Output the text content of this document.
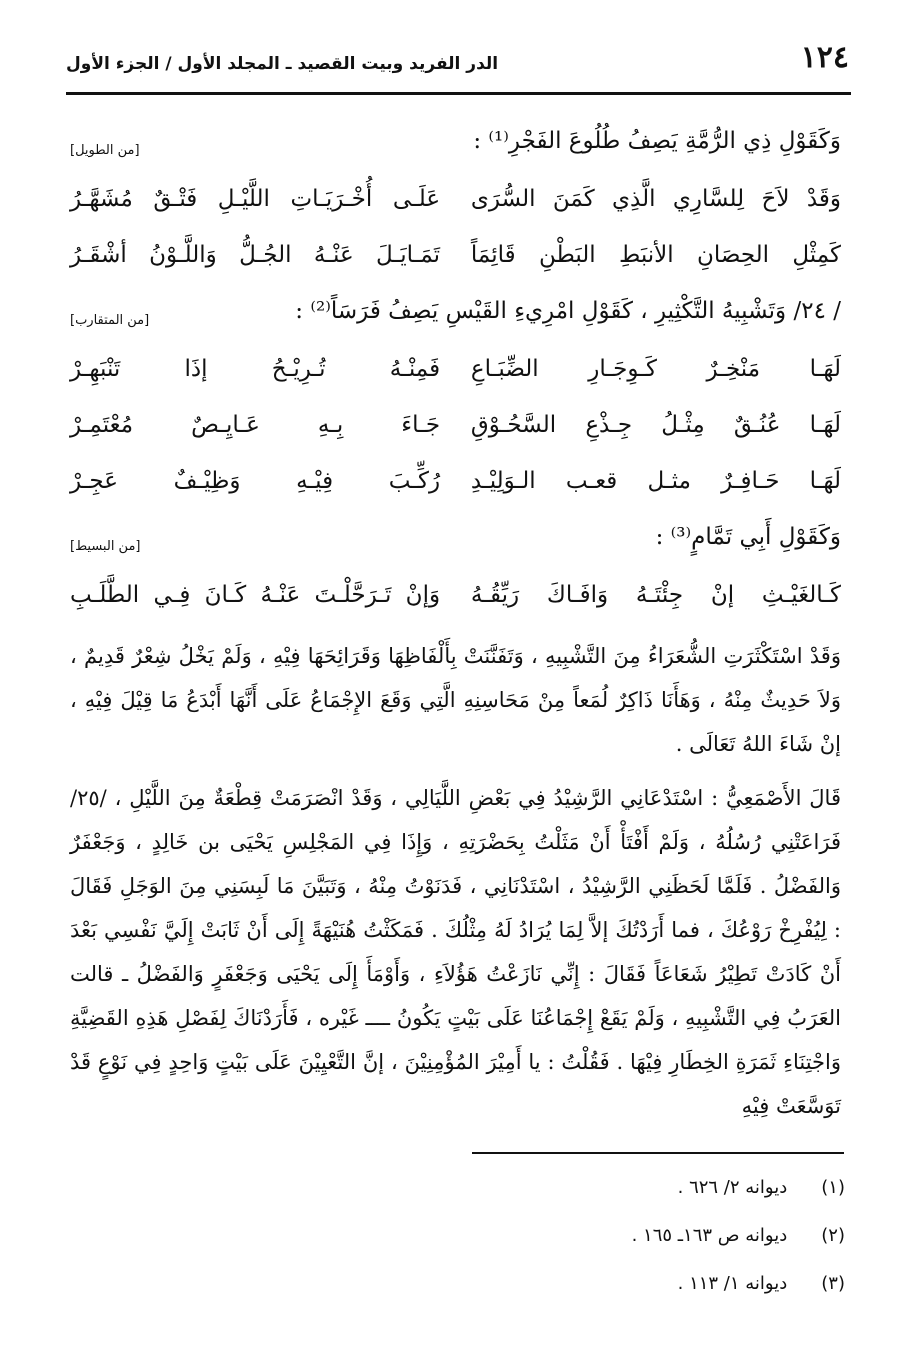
١٢٤
الدر الفريد وبيت القصيد ـ المجلد الأول / الجزء الأول
وَكَقَوْلِ ذِي الرُّمَّةِ يَصِفُ طُلُوعَ الفَجْرِ⁽¹⁾ :
[من الطويل]
وَقَدْ لاَحَ لِلسَّارِي الَّذِي كَمَنَ السُّرَى
عَلَـى أُخْـرَيَـاتِ اللَّيْـلِ فَتْـقٌ مُشَهَّـرُ
كَمِثْلِ الحِصَانِ الأنبَطِ البَطْنِ قَائِمَاً
تَمَـايَـلَ عَنْـهُ الجُـلُّ وَاللَّـوْنُ أشْقَـرُ
/ ٢٤/ وَتَشْبِيهُ التَّكْثِيرِ ، كَقَوْلِ امْرِيءِ القَيْسِ يَصِفُ فَرَسَاً⁽²⁾ :
[من المتقارب]
لَهَـا مَنْخِـرٌ كَـوِجَـارِ الضِّبَـاعِ
فَمِنْـهُ تُـرِيْـحُ إذَا تَنْبَهِـرْ
لَهَـا عُنُـقٌ مِثْـلُ جِـذْعِ السَّحُـوْقِ
جَـاءَ بِـهِ عَـايِـصٌ مُعْتَمِـرْ
لَهَـا حَـافِـرٌ مثـل قعـب الـوَلِيْـدِ
رُكِّـبَ فِيْـهِ وَظِيْـفٌ عَجِـرْ
وَكَقَوْلِ أَبِي تَمَّامٍ⁽³⁾ :
[من البسيط]
كَـالغَيْـثِ إنْ جِئْتَـهُ وَافَـاكَ رَيِّقُـهُ
وَإنْ تَـرَحَّلْـتَ عَنْـهُ كَـانَ فِـي الطَّلَـبِ

وَقَدْ اسْتَكْثَرَتِ الشُّعَرَاءُ مِنَ التَّشْبِيهِ ، وَتَفَنَّنَتْ بِأَلْفَاظِهَا وَقَرَائِحَهَا فِيْهِ ، وَلَمْ يَخْلُ شِعْرٌ قَدِيمٌ ، وَلاَ حَدِيثٌ مِنْهُ ، وَهَأَنَا ذَاكِرٌ لُمَعاً مِنْ مَحَاسِنِهِ الَّتِي وَقَعَ الإِجْمَاعُ عَلَى أَنَّهَا أَبْدَعُ مَا قِيْلَ فِيْهِ ، إنْ شَاءَ اللهُ تَعَالَى .

قَالَ الأَصْمَعِيُّ : اسْتَدْعَانِي الرَّشِيْدُ فِي بَعْضِ اللَّيَالِي ، وَقَدْ انْصَرَمَتْ قِطْعَةٌ مِنَ اللَّيْلِ ، /٢٥/ فَرَاعَتْنِي رُسُلُهُ ، وَلَمْ أَفْتَأْ أَنْ مَثَلْتُ بِحَضْرَتِهِ ، وَإِذَا فِي المَجْلِسِ يَحْيَى بن خَالِدٍ ، وَجَعْفَرٌ وَالفَضْلُ . فَلَمَّا لَحَظَنِي الرَّشِيْدُ ، اسْتَدْنَانِي ، فَدَنَوْتُ مِنْهُ ، وَتَبَيَّنَ مَا لَبِسَنِي مِنَ الوَجَلِ فَقَالَ : لِيُفْرِخْ رَوْعُكَ ، فما أَرَدْتُكَ إلاَّ لِمَا يُرَادُ لَهُ مِثْلُكَ . فَمَكَثْتُ هُنَيْهَةً إِلَى أَنْ ثَابَتْ إِلَيَّ نَفْسِي بَعْدَ أَنْ كَادَتْ تَطِيْرُ شَعَاعَاً فَقَالَ : إِنِّي نَازَعْتُ هَؤُلاَءِ ، وَأَوْمَأَ إِلَى يَحْيَى وَجَعْفَرٍ وَالفَضْلُ ـ قالت العَرَبُ فِي التَّشْبِيهِ ، وَلَمْ يَقَعْ إِجْمَاعُنَا عَلَى بَيْتٍ يَكُونُ ــــ غَيْره ، فَأَرَدْنَاكَ لِفَصْلِ هَذِهِ القَضِيَّةِ وَاجْتِنَاءِ ثَمَرَةِ الخِطَارِ فِيْهَا . فَقُلْتُ : يا أَمِيْرَ المُؤْمِنِيْنَ ، إنَّ التَّعْيِيْنَ عَلَى بَيْتٍ وَاحِدٍ فِي نَوْعٍ قَدْ تَوَسَّعَتْ فِيْهِ

(١) ديوانه ٢/ ٦٢٦ .
(٢) ديوانه ص ١٦٣ـ ١٦٥ .
(٣) ديوانه ١/ ١١٣ .
